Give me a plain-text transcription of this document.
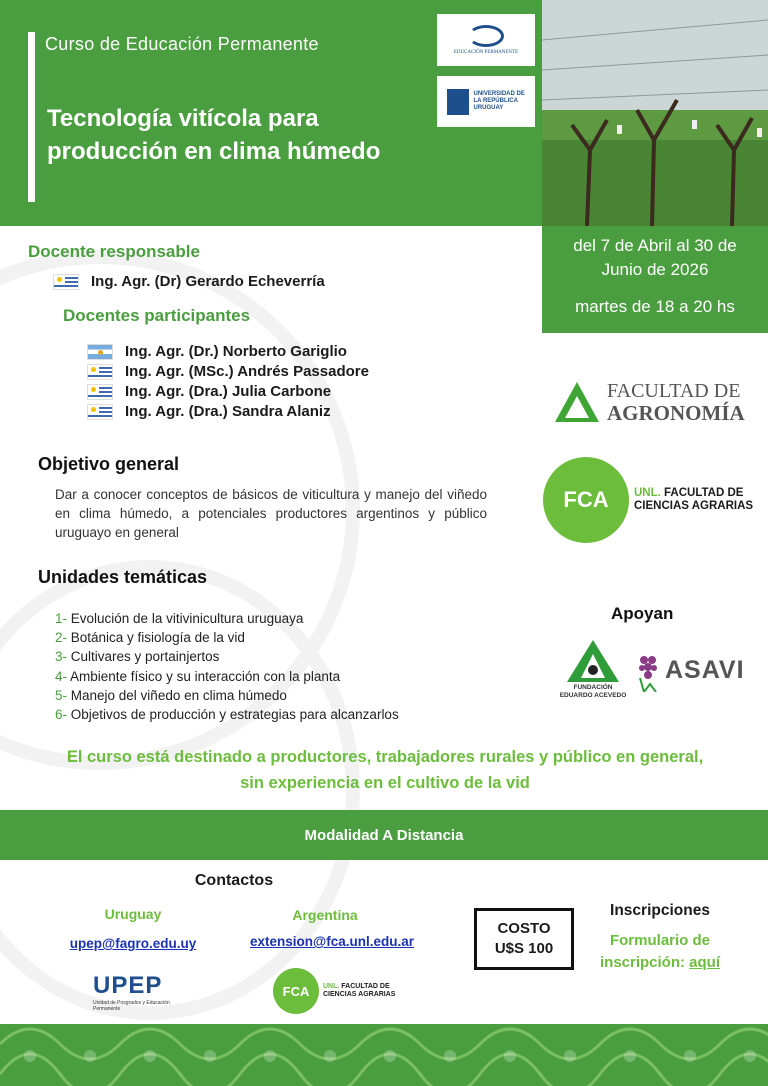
Curso de Educación Permanente
Tecnología vitícola para producción en clima húmedo
EDUCACIÓN PERMANENTE
UNIVERSIDAD DE LA REPÚBLICA URUGUAY
del 7 de Abril al 30 de Junio de 2026
martes de 18 a 20 hs
Docente responsable
Ing. Agr. (Dr) Gerardo Echeverría
Docentes participantes
Ing. Agr. (Dr.) Norberto Gariglio
Ing. Agr. (MSc.) Andrés Passadore
Ing. Agr. (Dra.) Julia Carbone
Ing. Agr. (Dra.) Sandra Alaniz
Objetivo general
Dar a conocer conceptos de básicos de viticultura y manejo del viñedo en clima húmedo, a potenciales productores argentinos y público uruguayo en general
Unidades temáticas
1- Evolución de la vitivinicultura uruguaya
2- Botánica y fisiología de la vid
3- Cultivares y portainjertos
4- Ambiente físico y su interacción con la planta
5- Manejo del viñedo en clima húmedo
6- Objetivos de producción y estrategias para alcanzarlos
FACULTAD DE
AGRONOMÍA
FCA	UNL. FACULTAD DE
CIENCIAS AGRARIAS
Apoyan
FUNDACIÓN EDUARDO ACEVEDO
ASAVI
El curso está destinado a productores, trabajadores rurales y público en general, sin experiencia en el cultivo de la vid
Modalidad A Distancia
Contactos
Uruguay
upep@fagro.edu.uy
Argentina
extension@fca.unl.edu.ar
UPEP
Unidad de Posgrados y Educación Permanente
FCA	UNL. FACULTAD DE
CIENCIAS AGRARIAS
COSTO
U$S 100
Inscripciones
Formulario de inscripción: aquí
